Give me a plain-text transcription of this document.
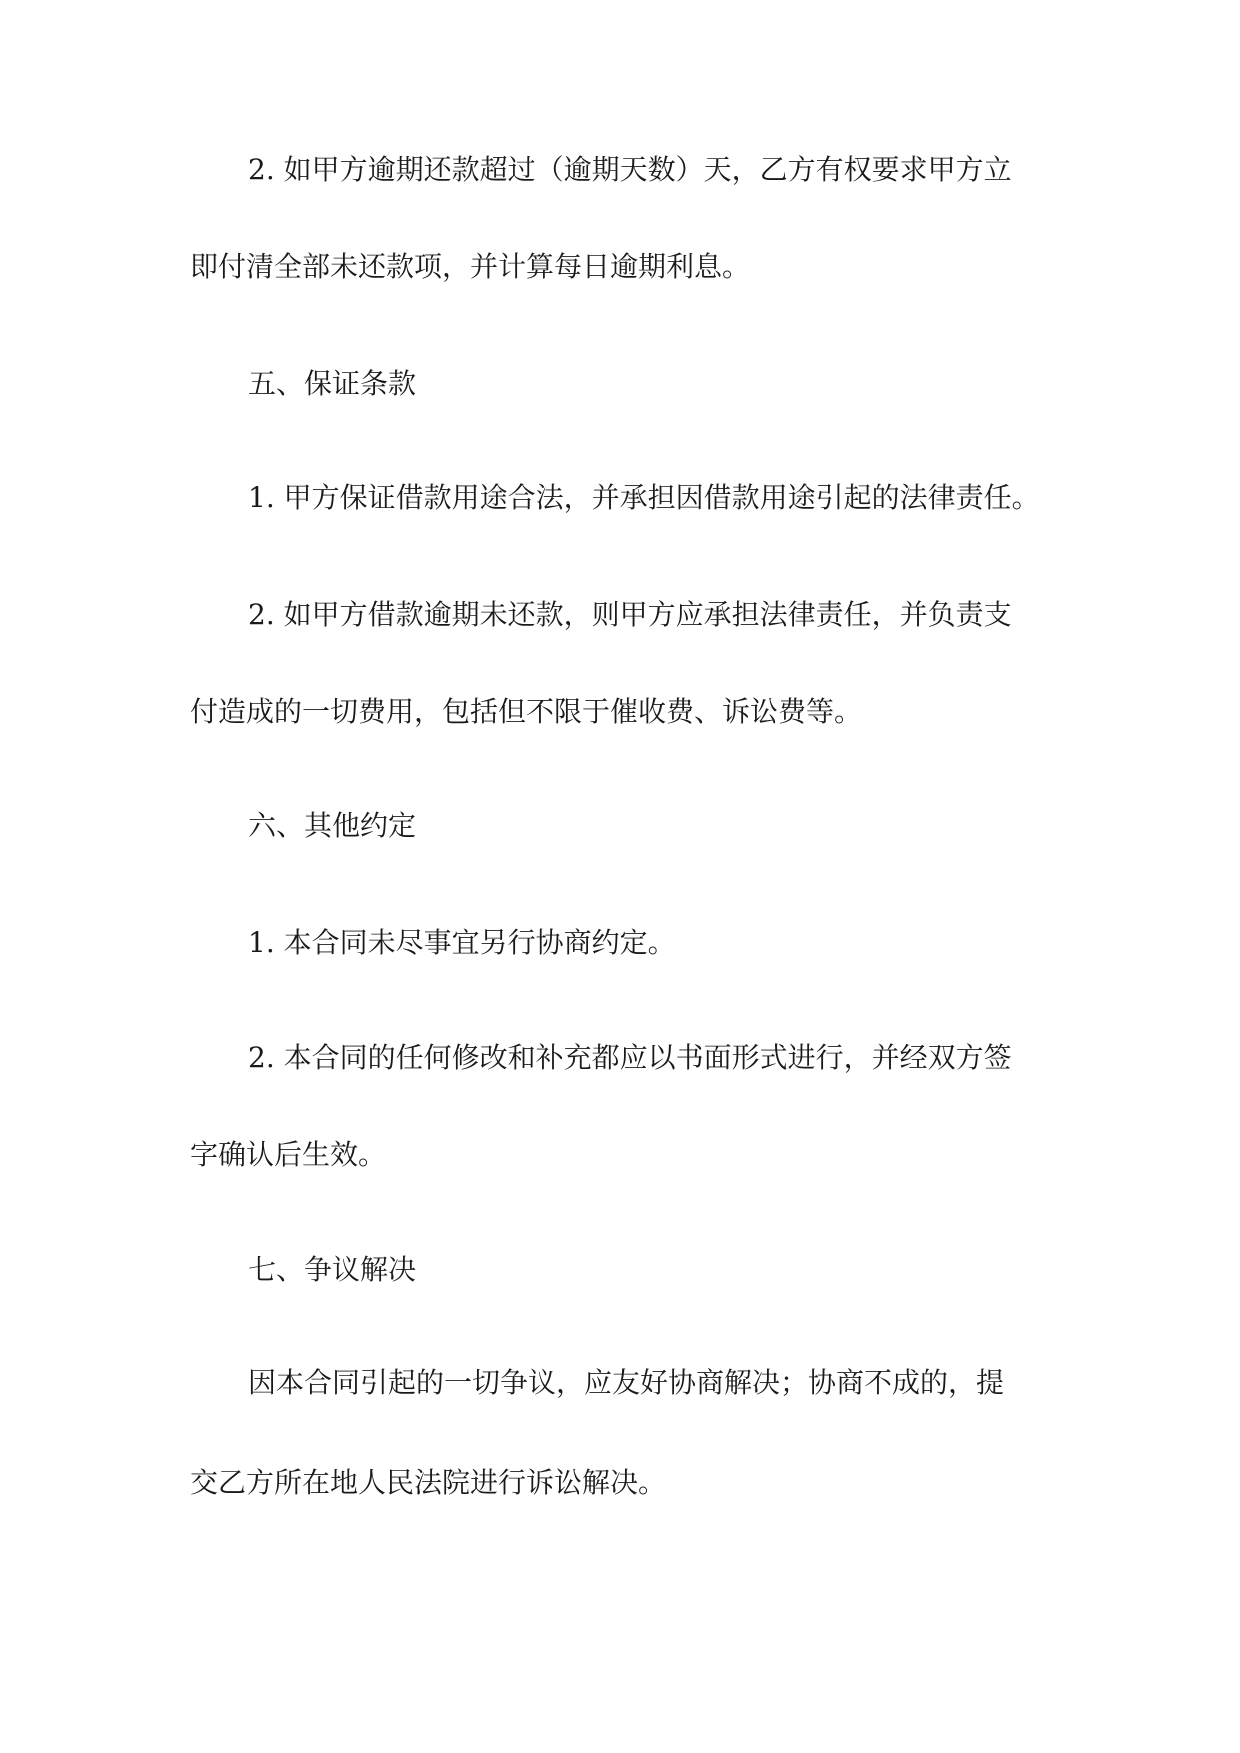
2. 如甲方逾期还款超过（逾期天数）天，乙方有权要求甲方立

即付清全部未还款项，并计算每日逾期利息。

五、保证条款

1. 甲方保证借款用途合法，并承担因借款用途引起的法律责任。

2. 如甲方借款逾期未还款，则甲方应承担法律责任，并负责支

付造成的一切费用，包括但不限于催收费、诉讼费等。

六、其他约定

1. 本合同未尽事宜另行协商约定。

2. 本合同的任何修改和补充都应以书面形式进行，并经双方签

字确认后生效。

七、争议解决

因本合同引起的一切争议，应友好协商解决；协商不成的，提

交乙方所在地人民法院进行诉讼解决。
